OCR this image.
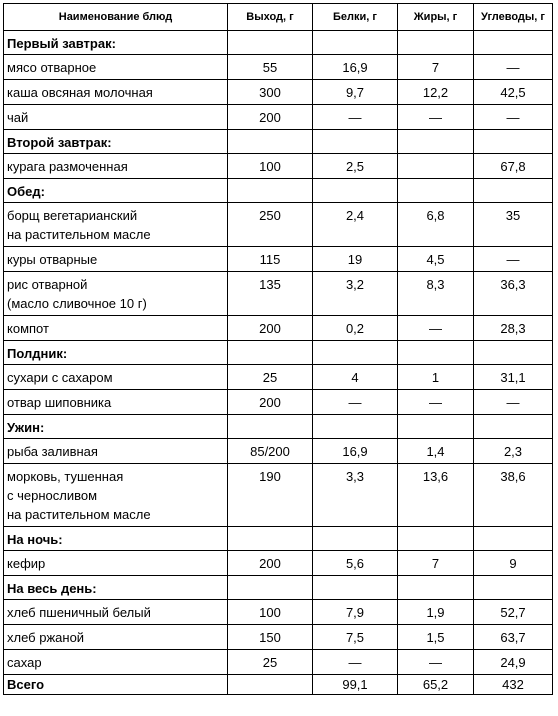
Наименование блюд	Выход, г	Белки, г	Жиры, г	Углеводы, г
Первый завтрак:				
мясо отварное	55	16,9	7	—
каша овсяная молочная	300	9,7	12,2	42,5
чай	200	—	—	—
Второй завтрак:				
курага размоченная	100	2,5		67,8
Обед:				
борщ вегетарианский
на растительном масле	250	2,4	6,8	35
куры отварные	115	19	4,5	—
рис отварной
(масло сливочное 10 г)	135	3,2	8,3	36,3
компот	200	0,2	—	28,3
Полдник:				
сухари с сахаром	25	4	1	31,1
отвар шиповника	200	—	—	—
Ужин:				
рыба заливная	85/200	16,9	1,4	2,3
морковь, тушенная
с черносливом
на растительном масле	190	3,3	13,6	38,6
На ночь:				
кефир	200	5,6	7	9
На весь день:				
хлеб пшеничный белый	100	7,9	1,9	52,7
хлеб ржаной	150	7,5	1,5	63,7
сахар	25	—	—	24,9
Всего		99,1	65,2	432
